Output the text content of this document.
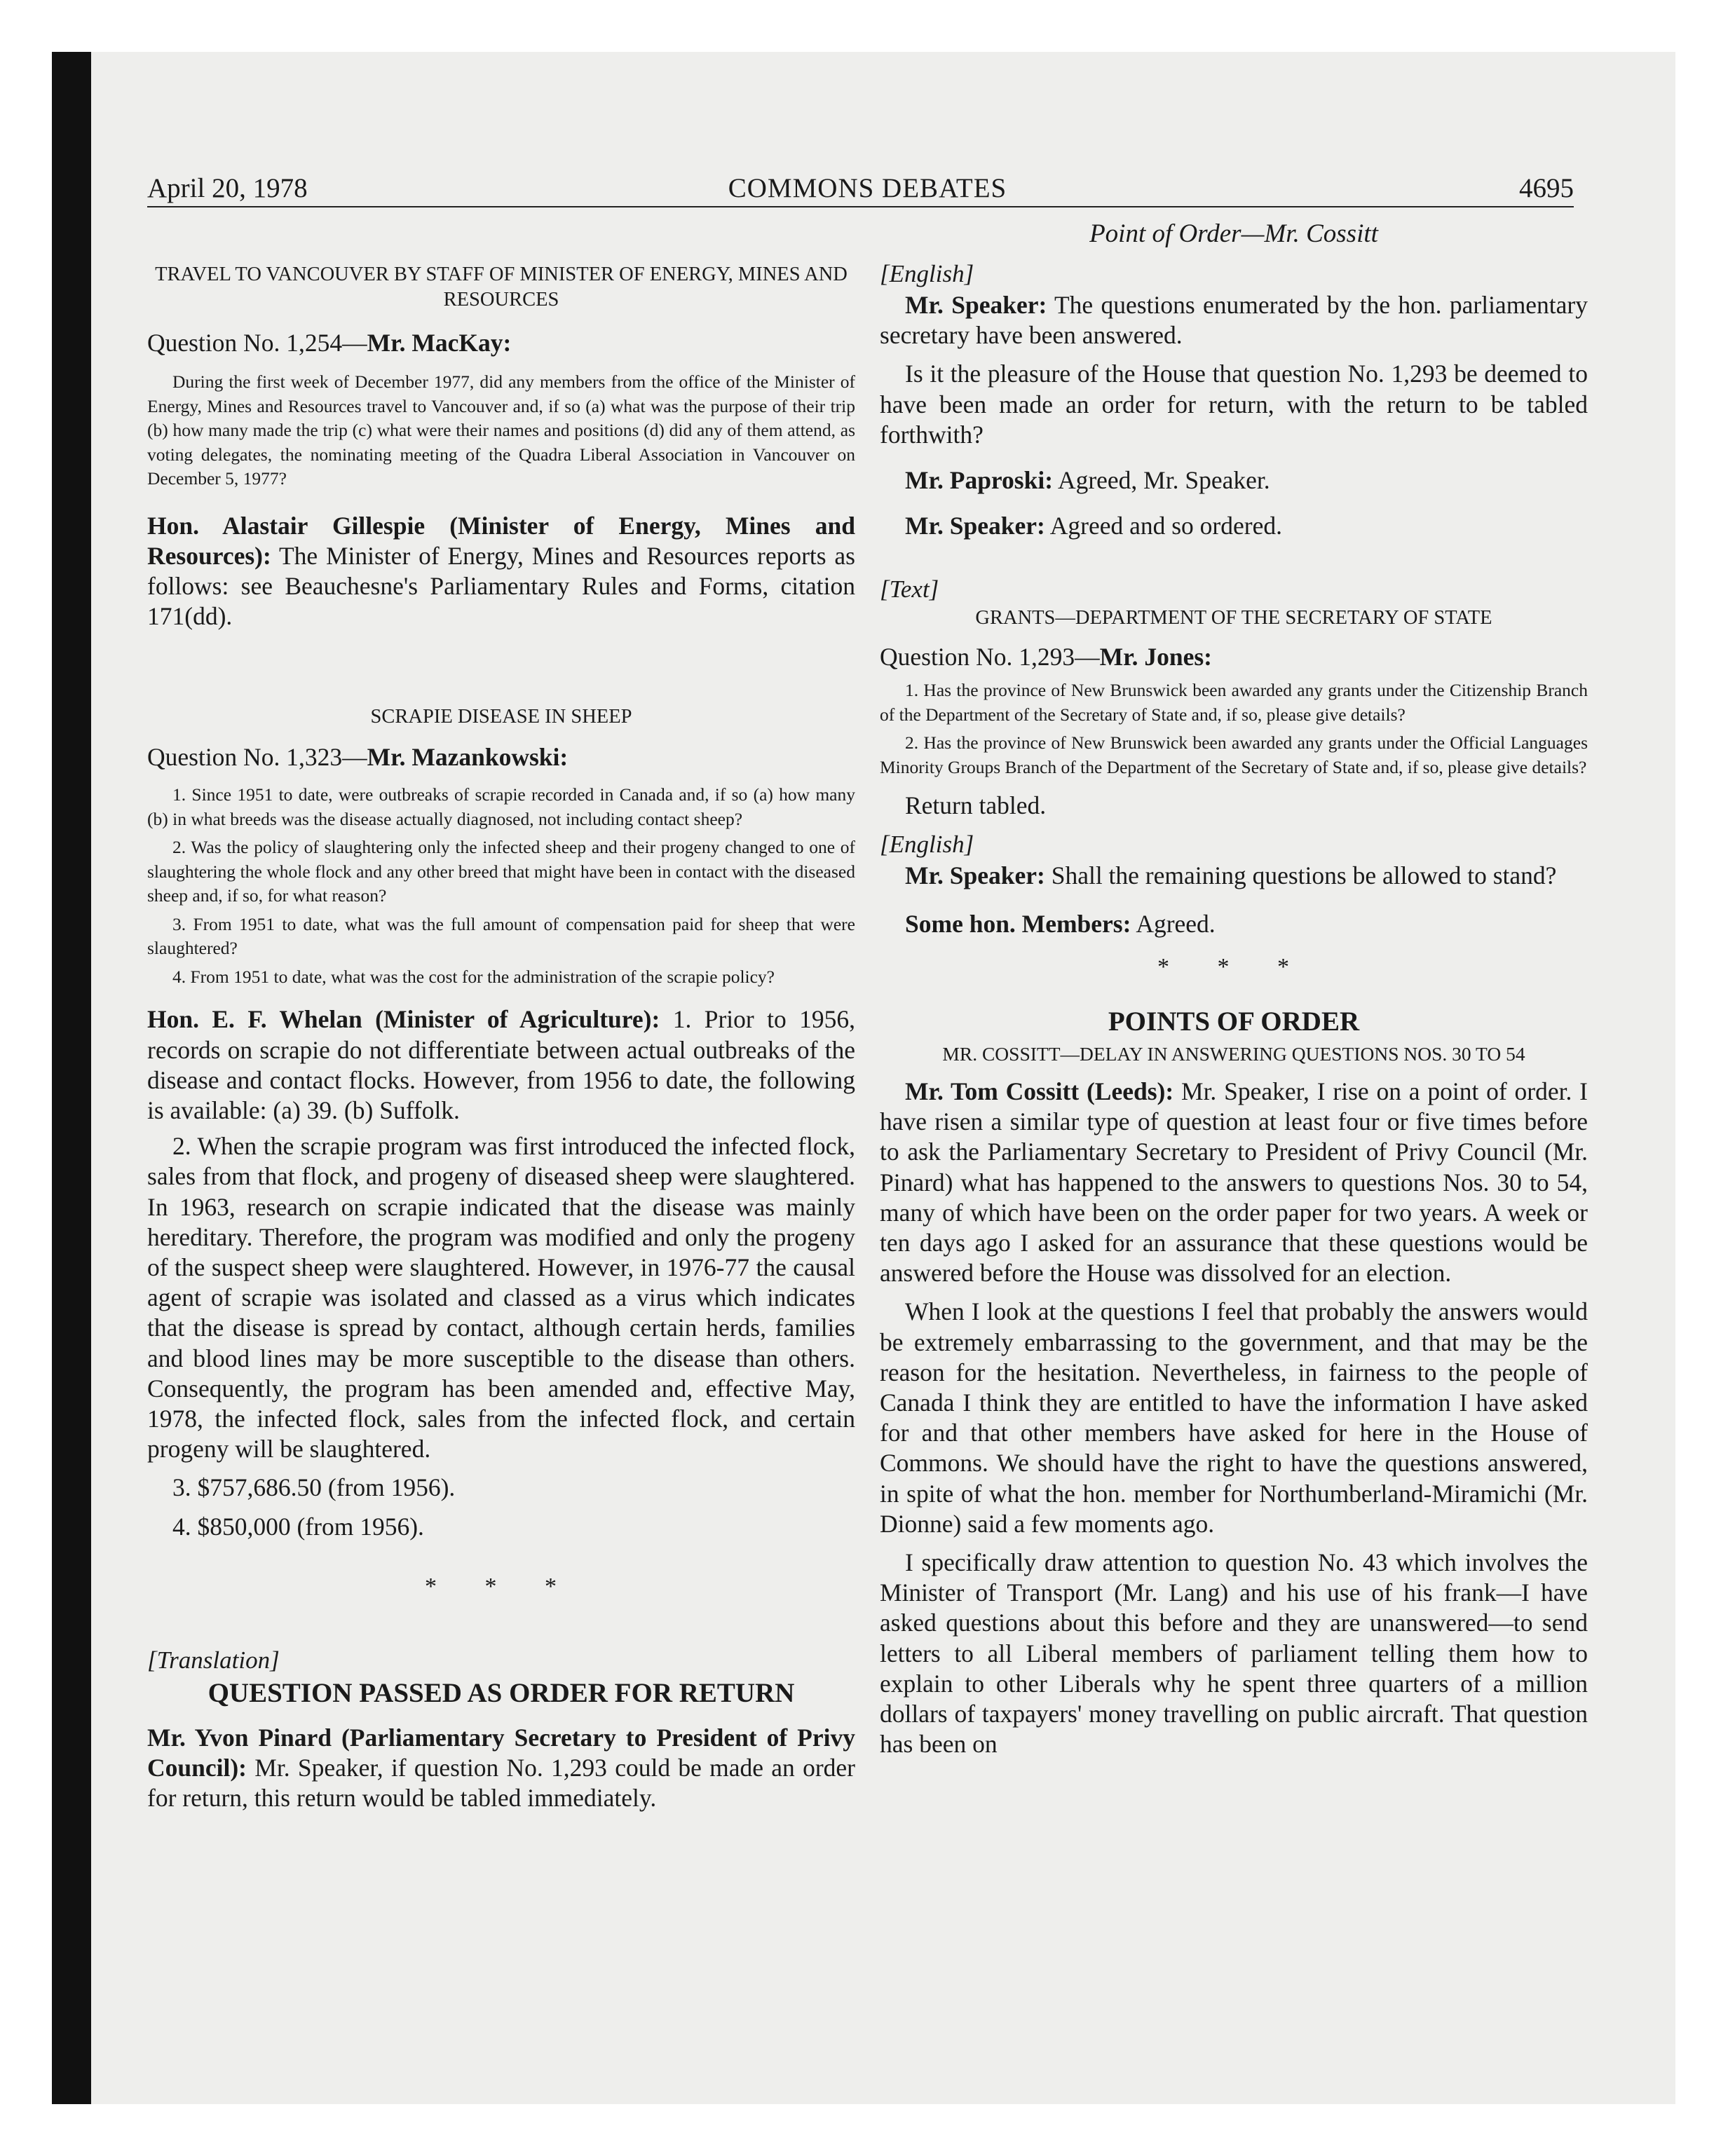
April 20, 1978	COMMONS DEBATES	4695

TRAVEL TO VANCOUVER BY STAFF OF MINISTER OF ENERGY, MINES AND RESOURCES

Question No. 1,254—Mr. MacKay:

During the first week of December 1977, did any members from the office of the Minister of Energy, Mines and Resources travel to Vancouver and, if so (a) what was the purpose of their trip (b) how many made the trip (c) what were their names and positions (d) did any of them attend, as voting delegates, the nominating meeting of the Quadra Liberal Association in Vancouver on December 5, 1977?

Hon. Alastair Gillespie (Minister of Energy, Mines and Resources): The Minister of Energy, Mines and Resources reports as follows: see Beauchesne's Parliamentary Rules and Forms, citation 171(dd).

SCRAPIE DISEASE IN SHEEP

Question No. 1,323—Mr. Mazankowski:

1. Since 1951 to date, were outbreaks of scrapie recorded in Canada and, if so (a) how many (b) in what breeds was the disease actually diagnosed, not including contact sheep?

2. Was the policy of slaughtering only the infected sheep and their progeny changed to one of slaughtering the whole flock and any other breed that might have been in contact with the diseased sheep and, if so, for what reason?

3. From 1951 to date, what was the full amount of compensation paid for sheep that were slaughtered?

4. From 1951 to date, what was the cost for the administration of the scrapie policy?

Hon. E. F. Whelan (Minister of Agriculture): 1. Prior to 1956, records on scrapie do not differentiate between actual outbreaks of the disease and contact flocks. However, from 1956 to date, the following is available: (a) 39. (b) Suffolk.

2. When the scrapie program was first introduced the infected flock, sales from that flock, and progeny of diseased sheep were slaughtered. In 1963, research on scrapie indicated that the disease was mainly hereditary. Therefore, the program was modified and only the progeny of the suspect sheep were slaughtered. However, in 1976-77 the causal agent of scrapie was isolated and classed as a virus which indicates that the disease is spread by contact, although certain herds, families and blood lines may be more susceptible to the disease than others. Consequently, the program has been amended and, effective May, 1978, the infected flock, sales from the infected flock, and certain progeny will be slaughtered.

3. $757,686.50 (from 1956).

4. $850,000 (from 1956).

* * *

[Translation]

QUESTION PASSED AS ORDER FOR RETURN

Mr. Yvon Pinard (Parliamentary Secretary to President of Privy Council): Mr. Speaker, if question No. 1,293 could be made an order for return, this return would be tabled immediately.

Point of Order—Mr. Cossitt

[English]

Mr. Speaker: The questions enumerated by the hon. parliamentary secretary have been answered.

Is it the pleasure of the House that question No. 1,293 be deemed to have been made an order for return, with the return to be tabled forthwith?

Mr. Paproski: Agreed, Mr. Speaker.

Mr. Speaker: Agreed and so ordered.

[Text]

GRANTS—DEPARTMENT OF THE SECRETARY OF STATE

Question No. 1,293—Mr. Jones:

1. Has the province of New Brunswick been awarded any grants under the Citizenship Branch of the Department of the Secretary of State and, if so, please give details?

2. Has the province of New Brunswick been awarded any grants under the Official Languages Minority Groups Branch of the Department of the Secretary of State and, if so, please give details?

Return tabled.

[English]

Mr. Speaker: Shall the remaining questions be allowed to stand?

Some hon. Members: Agreed.

* * *

POINTS OF ORDER

MR. COSSITT—DELAY IN ANSWERING QUESTIONS NOS. 30 TO 54

Mr. Tom Cossitt (Leeds): Mr. Speaker, I rise on a point of order. I have risen a similar type of question at least four or five times before to ask the Parliamentary Secretary to President of Privy Council (Mr. Pinard) what has happened to the answers to questions Nos. 30 to 54, many of which have been on the order paper for two years. A week or ten days ago I asked for an assurance that these questions would be answered before the House was dissolved for an election.

When I look at the questions I feel that probably the answers would be extremely embarrassing to the government, and that may be the reason for the hesitation. Nevertheless, in fairness to the people of Canada I think they are entitled to have the information I have asked for and that other members have asked for here in the House of Commons. We should have the right to have the questions answered, in spite of what the hon. member for Northumberland-Miramichi (Mr. Dionne) said a few moments ago.

I specifically draw attention to question No. 43 which involves the Minister of Transport (Mr. Lang) and his use of his frank—I have asked questions about this before and they are unanswered—to send letters to all Liberal members of parliament telling them how to explain to other Liberals why he spent three quarters of a million dollars of taxpayers' money travelling on public aircraft. That question has been on
